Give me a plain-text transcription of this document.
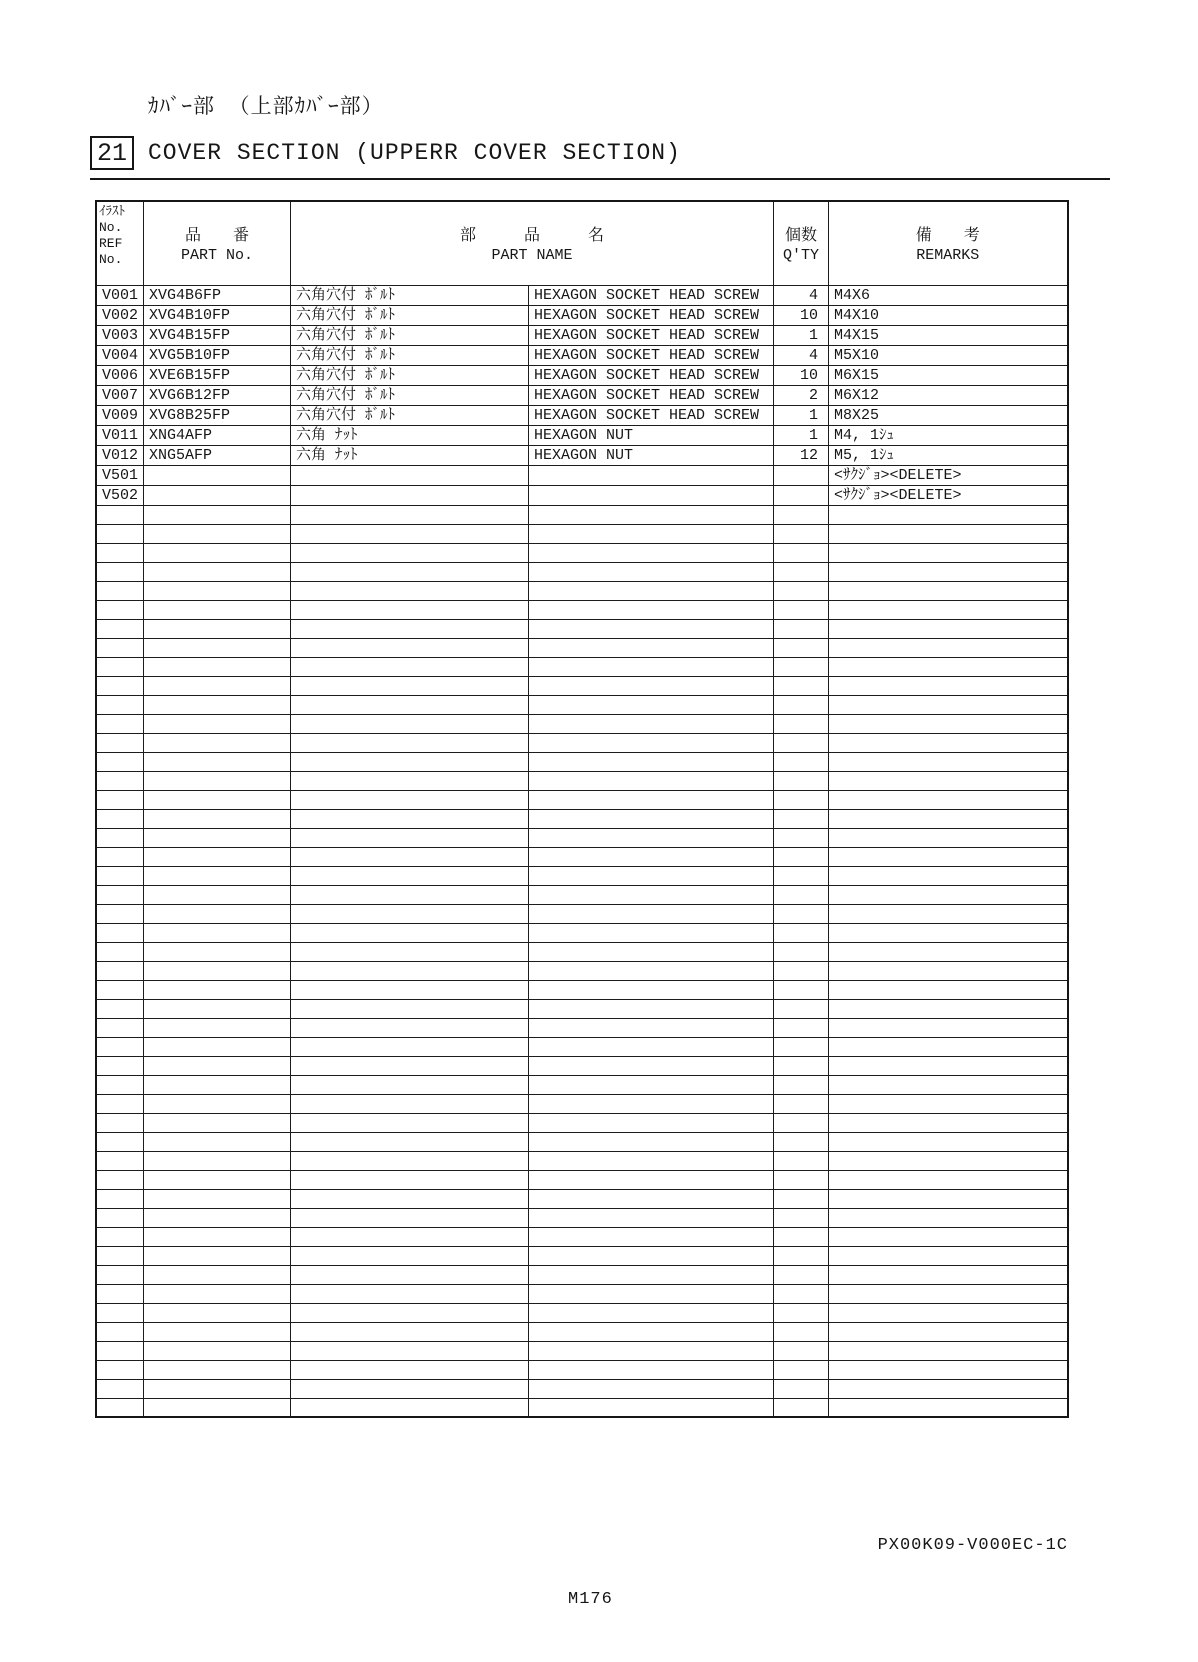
ｶﾊﾞｰ部 （上部ｶﾊﾞｰ部）
21 COVER SECTION (UPPERR COVER SECTION)
ｲﾗｽﾄ
No.
REF
No.

品　　番
PART No.

部　　　品　　　名
PART NAME

個数
Q'TY

備　　考
REMARKS

V001	XVG4B6FP	六角穴付 ﾎﾞﾙﾄ	HEXAGON SOCKET HEAD SCREW	4	M4X6
V002	XVG4B10FP	六角穴付 ﾎﾞﾙﾄ	HEXAGON SOCKET HEAD SCREW	10	M4X10
V003	XVG4B15FP	六角穴付 ﾎﾞﾙﾄ	HEXAGON SOCKET HEAD SCREW	1	M4X15
V004	XVG5B10FP	六角穴付 ﾎﾞﾙﾄ	HEXAGON SOCKET HEAD SCREW	4	M5X10
V006	XVE6B15FP	六角穴付 ﾎﾞﾙﾄ	HEXAGON SOCKET HEAD SCREW	10	M6X15
V007	XVG6B12FP	六角穴付 ﾎﾞﾙﾄ	HEXAGON SOCKET HEAD SCREW	2	M6X12
V009	XVG8B25FP	六角穴付 ﾎﾞﾙﾄ	HEXAGON SOCKET HEAD SCREW	1	M8X25
V011	XNG4AFP	六角 ﾅｯﾄ	HEXAGON NUT	1	M4, 1ｼｭ
V012	XNG5AFP	六角 ﾅｯﾄ	HEXAGON NUT	12	M5, 1ｼｭ
V501					<ｻｸｼﾞｮ><DELETE>
V502					<ｻｸｼﾞｮ><DELETE>

PX00K09-V000EC-1C
M176
